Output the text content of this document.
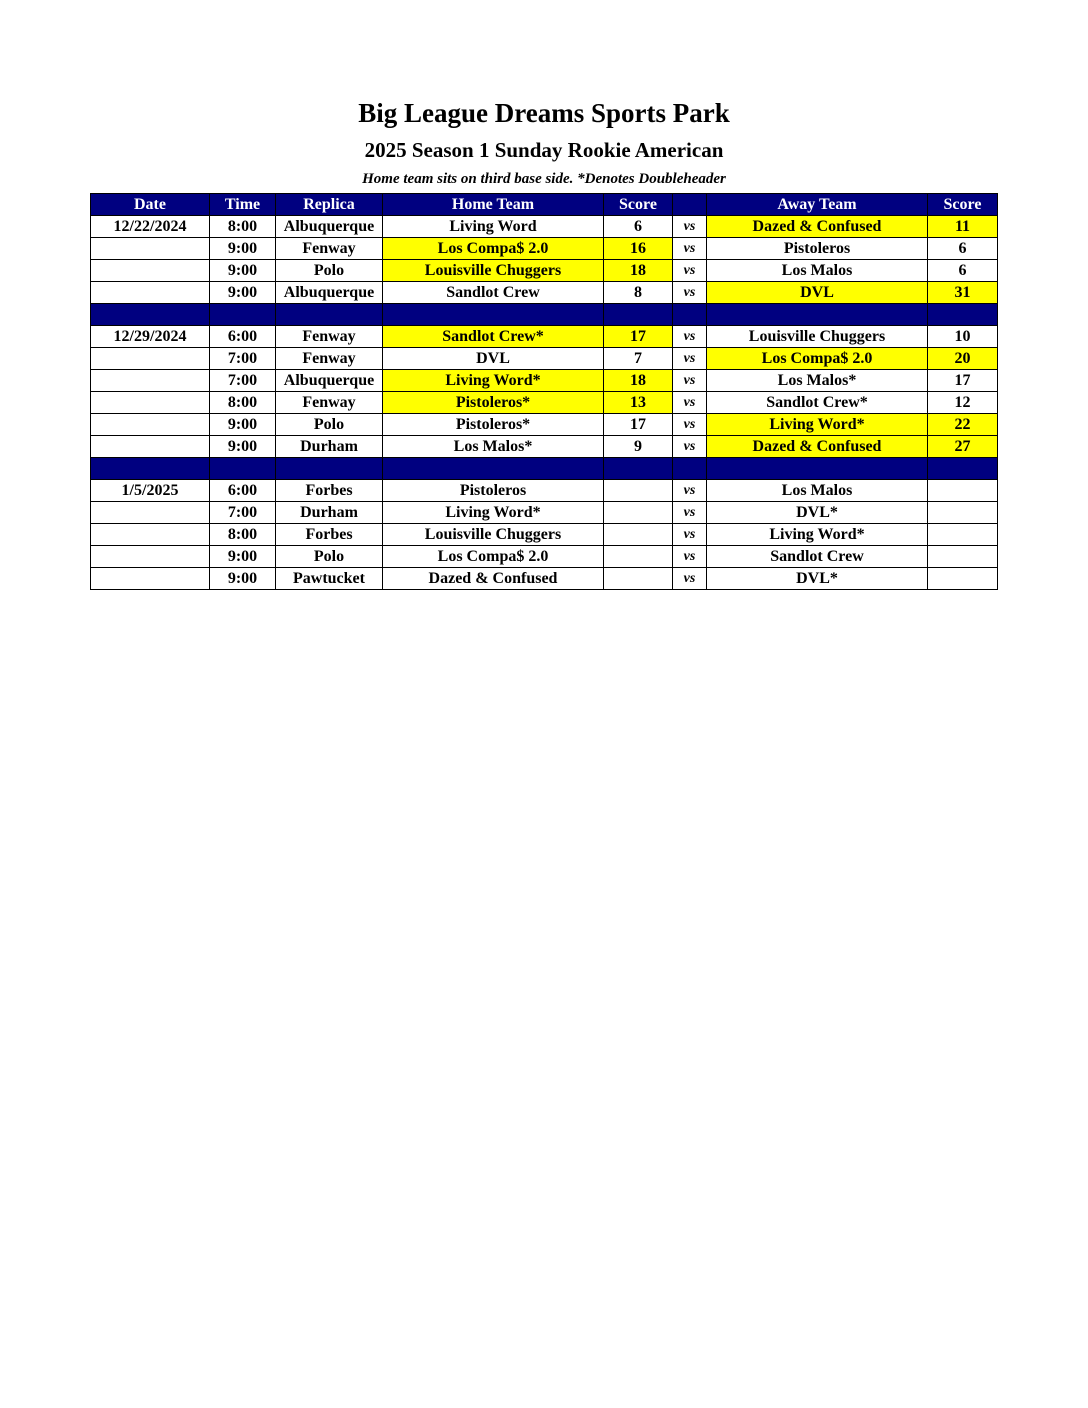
Big League Dreams Sports Park
2025 Season 1 Sunday Rookie American
Home team sits on third base side. *Denotes Doubleheader
Date	Time	Replica	Home Team	Score		Away Team	Score
12/22/2024	8:00	Albuquerque	Living Word	6	vs	Dazed & Confused	11
	9:00	Fenway	Los Compa$ 2.0	16	vs	Pistoleros	6
	9:00	Polo	Louisville Chuggers	18	vs	Los Malos	6
	9:00	Albuquerque	Sandlot Crew	8	vs	DVL	31

12/29/2024	6:00	Fenway	Sandlot Crew*	17	vs	Louisville Chuggers	10
	7:00	Fenway	DVL	7	vs	Los Compa$ 2.0	20
	7:00	Albuquerque	Living Word*	18	vs	Los Malos*	17
	8:00	Fenway	Pistoleros*	13	vs	Sandlot Crew*	12
	9:00	Polo	Pistoleros*	17	vs	Living Word*	22
	9:00	Durham	Los Malos*	9	vs	Dazed & Confused	27

1/5/2025	6:00	Forbes	Pistoleros		vs	Los Malos	
	7:00	Durham	Living Word*		vs	DVL*	
	8:00	Forbes	Louisville Chuggers		vs	Living Word*	
	9:00	Polo	Los Compa$ 2.0		vs	Sandlot Crew	
	9:00	Pawtucket	Dazed & Confused		vs	DVL*	
